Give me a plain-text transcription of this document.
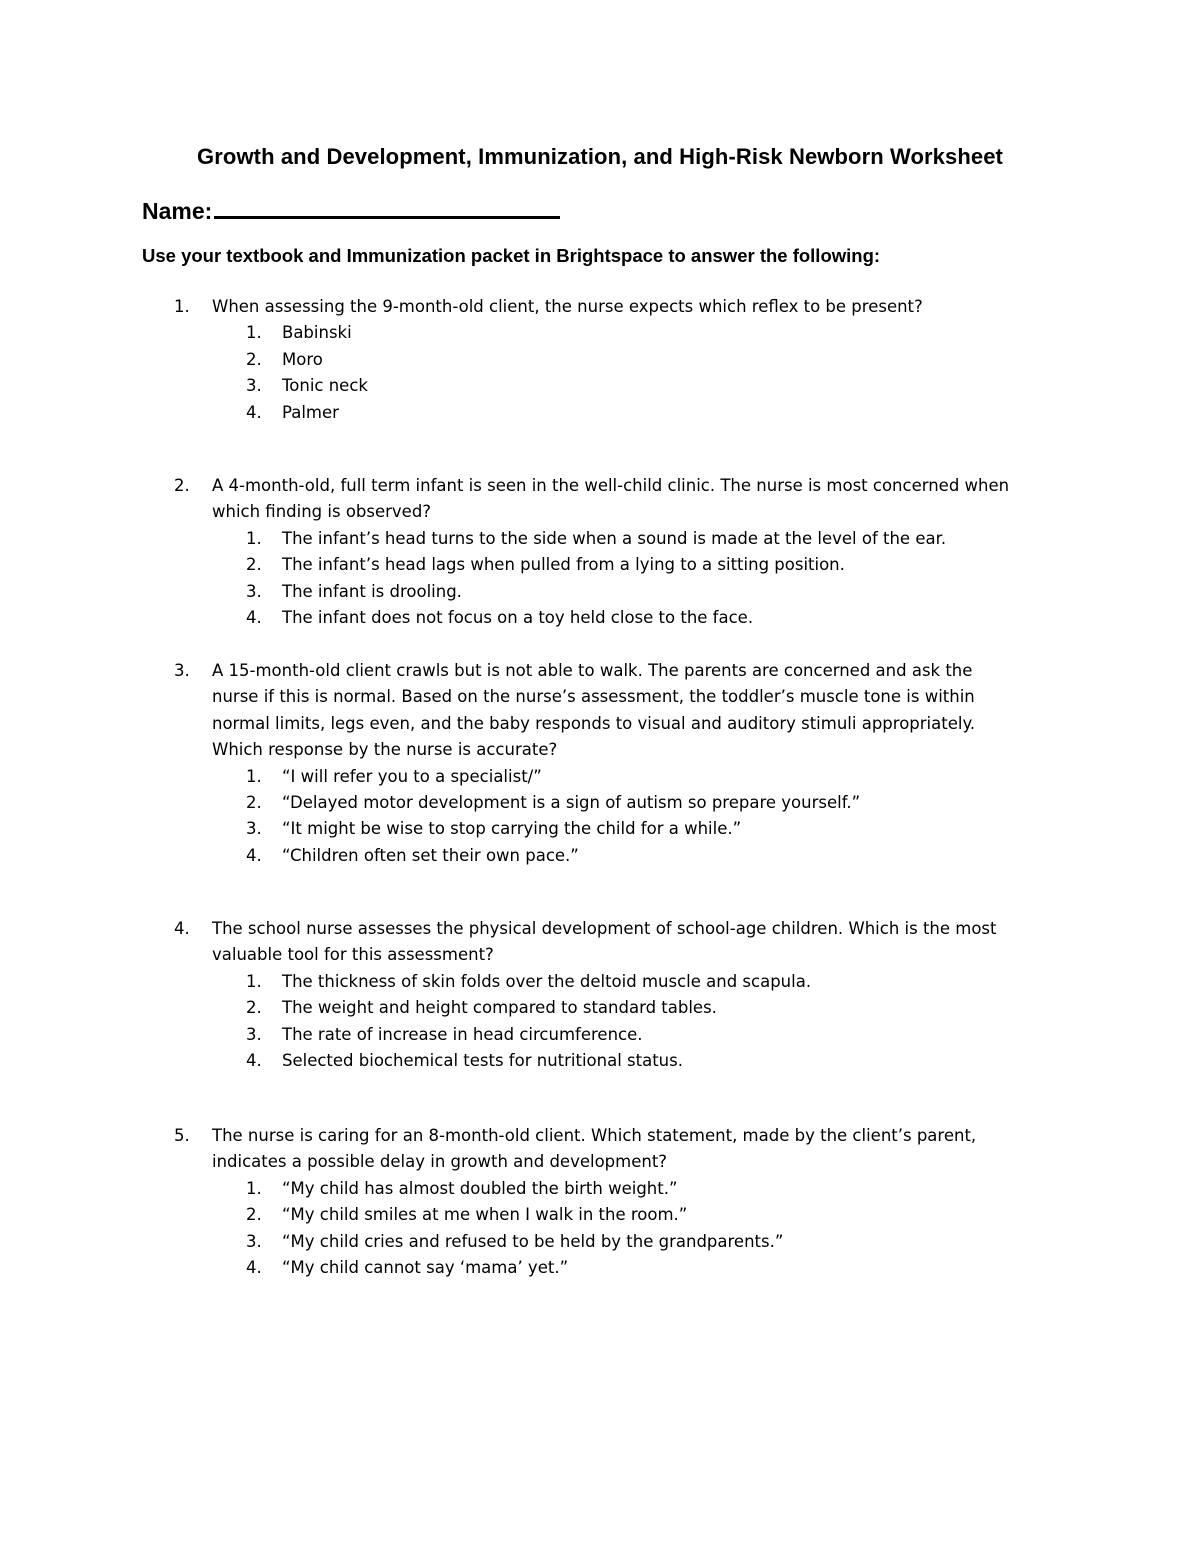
Growth and Development, Immunization, and High-Risk Newborn Worksheet
Name:
Use your textbook and Immunization packet in Brightspace to answer the following:
1.	When assessing the 9-month-old client, the nurse expects which reflex to be present?
1. Babinski
2. Moro
3. Tonic neck
4. Palmer
2.	A 4-month-old, full term infant is seen in the well-child clinic. The nurse is most concerned when
which finding is observed?
1. The infant’s head turns to the side when a sound is made at the level of the ear.
2. The infant’s head lags when pulled from a lying to a sitting position.
3. The infant is drooling.
4. The infant does not focus on a toy held close to the face.
3.	A 15-month-old client crawls but is not able to walk. The parents are concerned and ask the
nurse if this is normal. Based on the nurse’s assessment, the toddler’s muscle tone is within
normal limits, legs even, and the baby responds to visual and auditory stimuli appropriately.
Which response by the nurse is accurate?
1. “I will refer you to a specialist/”
2. “Delayed motor development is a sign of autism so prepare yourself.”
3. “It might be wise to stop carrying the child for a while.”
4. “Children often set their own pace.”
4.	The school nurse assesses the physical development of school-age children. Which is the most
valuable tool for this assessment?
1. The thickness of skin folds over the deltoid muscle and scapula.
2. The weight and height compared to standard tables.
3. The rate of increase in head circumference.
4. Selected biochemical tests for nutritional status.
5.	The nurse is caring for an 8-month-old client. Which statement, made by the client’s parent,
indicates a possible delay in growth and development?
1. “My child has almost doubled the birth weight.”
2. “My child smiles at me when I walk in the room.”
3. “My child cries and refused to be held by the grandparents.”
4. “My child cannot say ‘mama’ yet.”
